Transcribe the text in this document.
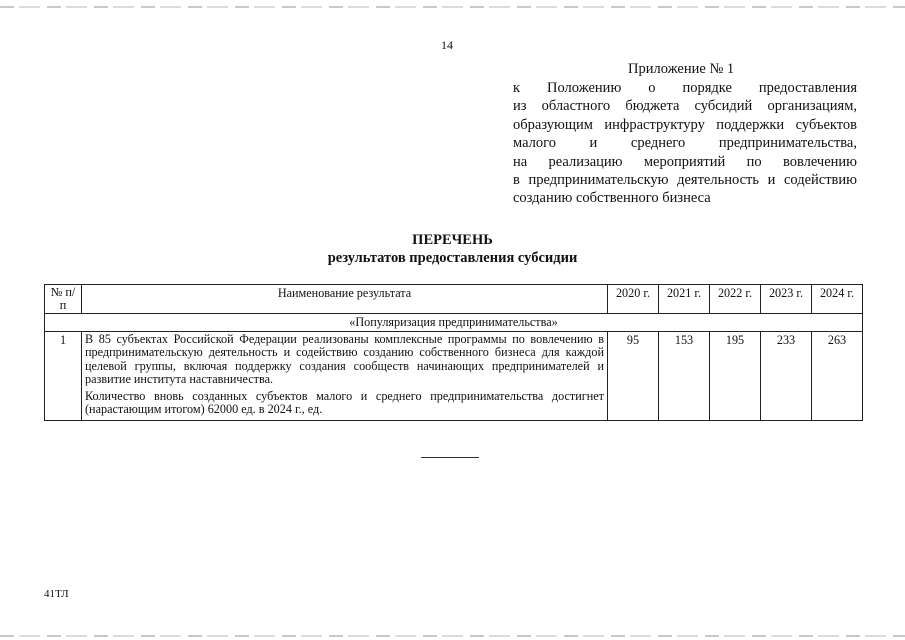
14
Приложение № 1
к Положению о порядке предоставления
из областного бюджета субсидий организациям,
образующим инфраструктуру поддержки субъектов
малого и среднего предпринимательства,
на реализацию мероприятий по вовлечению
в предпринимательскую деятельность и содействию
созданию собственного бизнеса
ПЕРЕЧЕНЬ
результатов предоставления субсидии
№ п/п	Наименование результата	2020 г.	2021 г.	2022 г.	2023 г.	2024 г.
«Популяризация предпринимательства»						
1	В 85 субъектах Российской Федерации реализованы комплексные программы по вовлечению в предпринимательскую деятельность и содействию созданию собственного бизнеса для каждой целевой группы, включая поддержку создания сообществ начинающих предпринимателей и развитие института наставничества.
Количество вновь созданных субъектов малого и среднего предпринимательства достигнет (нарастающим итогом) 62000 ед. в 2024 г., ед.	95	153	195	233	263
41ТЛ
